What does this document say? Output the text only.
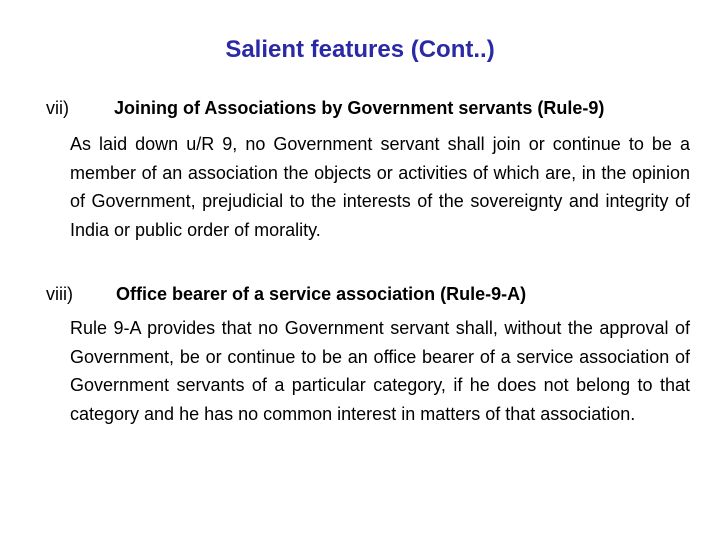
Salient features (Cont..)
vii)	Joining of Associations by Government servants (Rule-9)
As laid down u/R 9, no Government servant shall join or continue to be a member of an association the objects or activities of which are, in the opinion of Government, prejudicial to the interests of the sovereignty and integrity of India or public order of morality.
viii) Office bearer of a service association (Rule-9-A)
Rule 9-A provides that no Government servant shall, without the approval of Government, be or continue to be an office bearer of a service association of Government servants of a particular category, if he does not belong to that category and he has no common interest in matters of that association.
